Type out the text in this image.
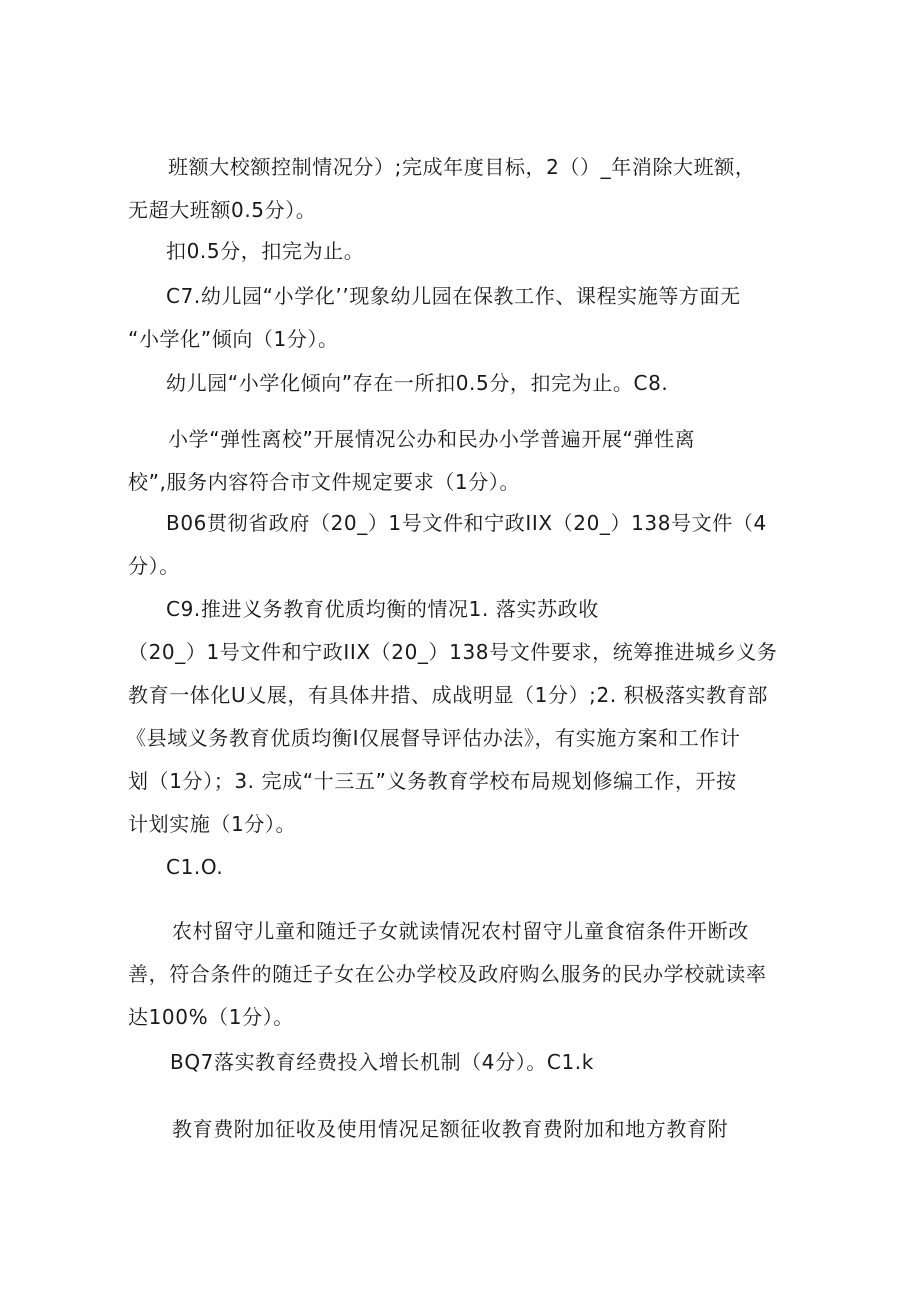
班额大校额控制情况分）;完成年度目标，2（）_年消除大班额，
无超大班额0.5分）。

扣0.5分，扣完为止。

C7.幼儿园“小学化’’现象幼儿园在保教工作、课程实施等方面无
“小学化”倾向（1分）。

幼儿园“小学化倾向”存在一所扣0.5分，扣完为止。C8.

小学“弹性离校”开展情况公办和民办小学普遍开展“弹性离
校”,服务内容符合市文件规定要求（1分）。

B06贯彻省政府（20_）1号文件和宁政IIX（20_）138号文件（4
分）。

C9.推进义务教育优质均衡的情况1. 落实苏政收
（20_）1号文件和宁政IIX（20_）138号文件要求，统筹推进城乡义务
教育一体化U乂展，有具体井措、成战明显（1分）;2. 积极落实教育部
《县域义务教育优质均衡I仅展督导评估办法》，有实施方案和工作计
划（1分）；3. 完成“十三五”义务教育学校布局规划修编工作，开按
计划实施（1分）。

C1.O.

农村留守儿童和随迁子女就读情况农村留守儿童食宿条件开断改
善，符合条件的随迁子女在公办学校及政府购么服务的民办学校就读率
达100%（1分）。

BQ7落实教育经费投入增长机制（4分）。C1.k

教育费附加征收及使用情况足额征收教育费附加和地方教育附
